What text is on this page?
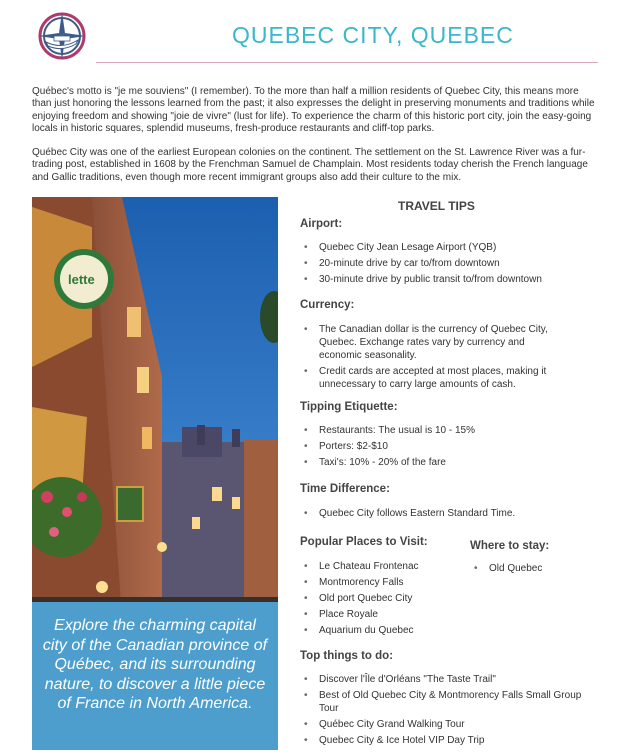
QUEBEC CITY, QUEBEC

Québec's motto is "je me souviens" (I remember). To the more than half a million residents of Quebec City, this means more than just honoring the lessons learned from the past; it also expresses the delight in preserving monuments and traditions while enjoying freedom and showing "joie de vivre" (lust for life). To experience the charm of this historic port city, join the easy-going locals in historic squares, splendid museums, fresh-produce restaurants and cliff-top parks.

Québec City was one of the earliest European colonies on the continent. The settlement on the St. Lawrence River was a fur-trading post, established in 1608 by the Frenchman Samuel de Champlain. Most residents today cherish the French language and Gallic traditions, even though more recent immigrant groups also add their culture to the mix.

lette

Explore the charming capital city of the Canadian province of Québec, and its surrounding nature, to discover a little piece of France in North America.

TRAVEL TIPS
Airport:
• Quebec City Jean Lesage Airport (YQB)
• 20-minute drive by car to/from downtown
• 30-minute drive by public transit to/from downtown
Currency:
• The Canadian dollar is the currency of Quebec City, Quebec. Exchange rates vary by currency and economic seasonality.
• Credit cards are accepted at most places, making it unnecessary to carry large amounts of cash.
Tipping Etiquette:
• Restaurants: The usual is 10 - 15%
• Porters: $2-$10
• Taxi's: 10% - 20% of the fare
Time Difference:
• Quebec City follows Eastern Standard Time.
Popular Places to Visit:
• Le Chateau Frontenac
• Montmorency Falls
• Old port Quebec City
• Place Royale
• Aquarium du Quebec
Where to stay:
• Old Quebec
Top things to do:
• Discover l'Île d'Orléans "The Taste Trail"
• Best of Old Quebec City & Montmorency Falls Small Group Tour
• Québec City Grand Walking Tour
• Quebec City & Ice Hotel VIP Day Trip
